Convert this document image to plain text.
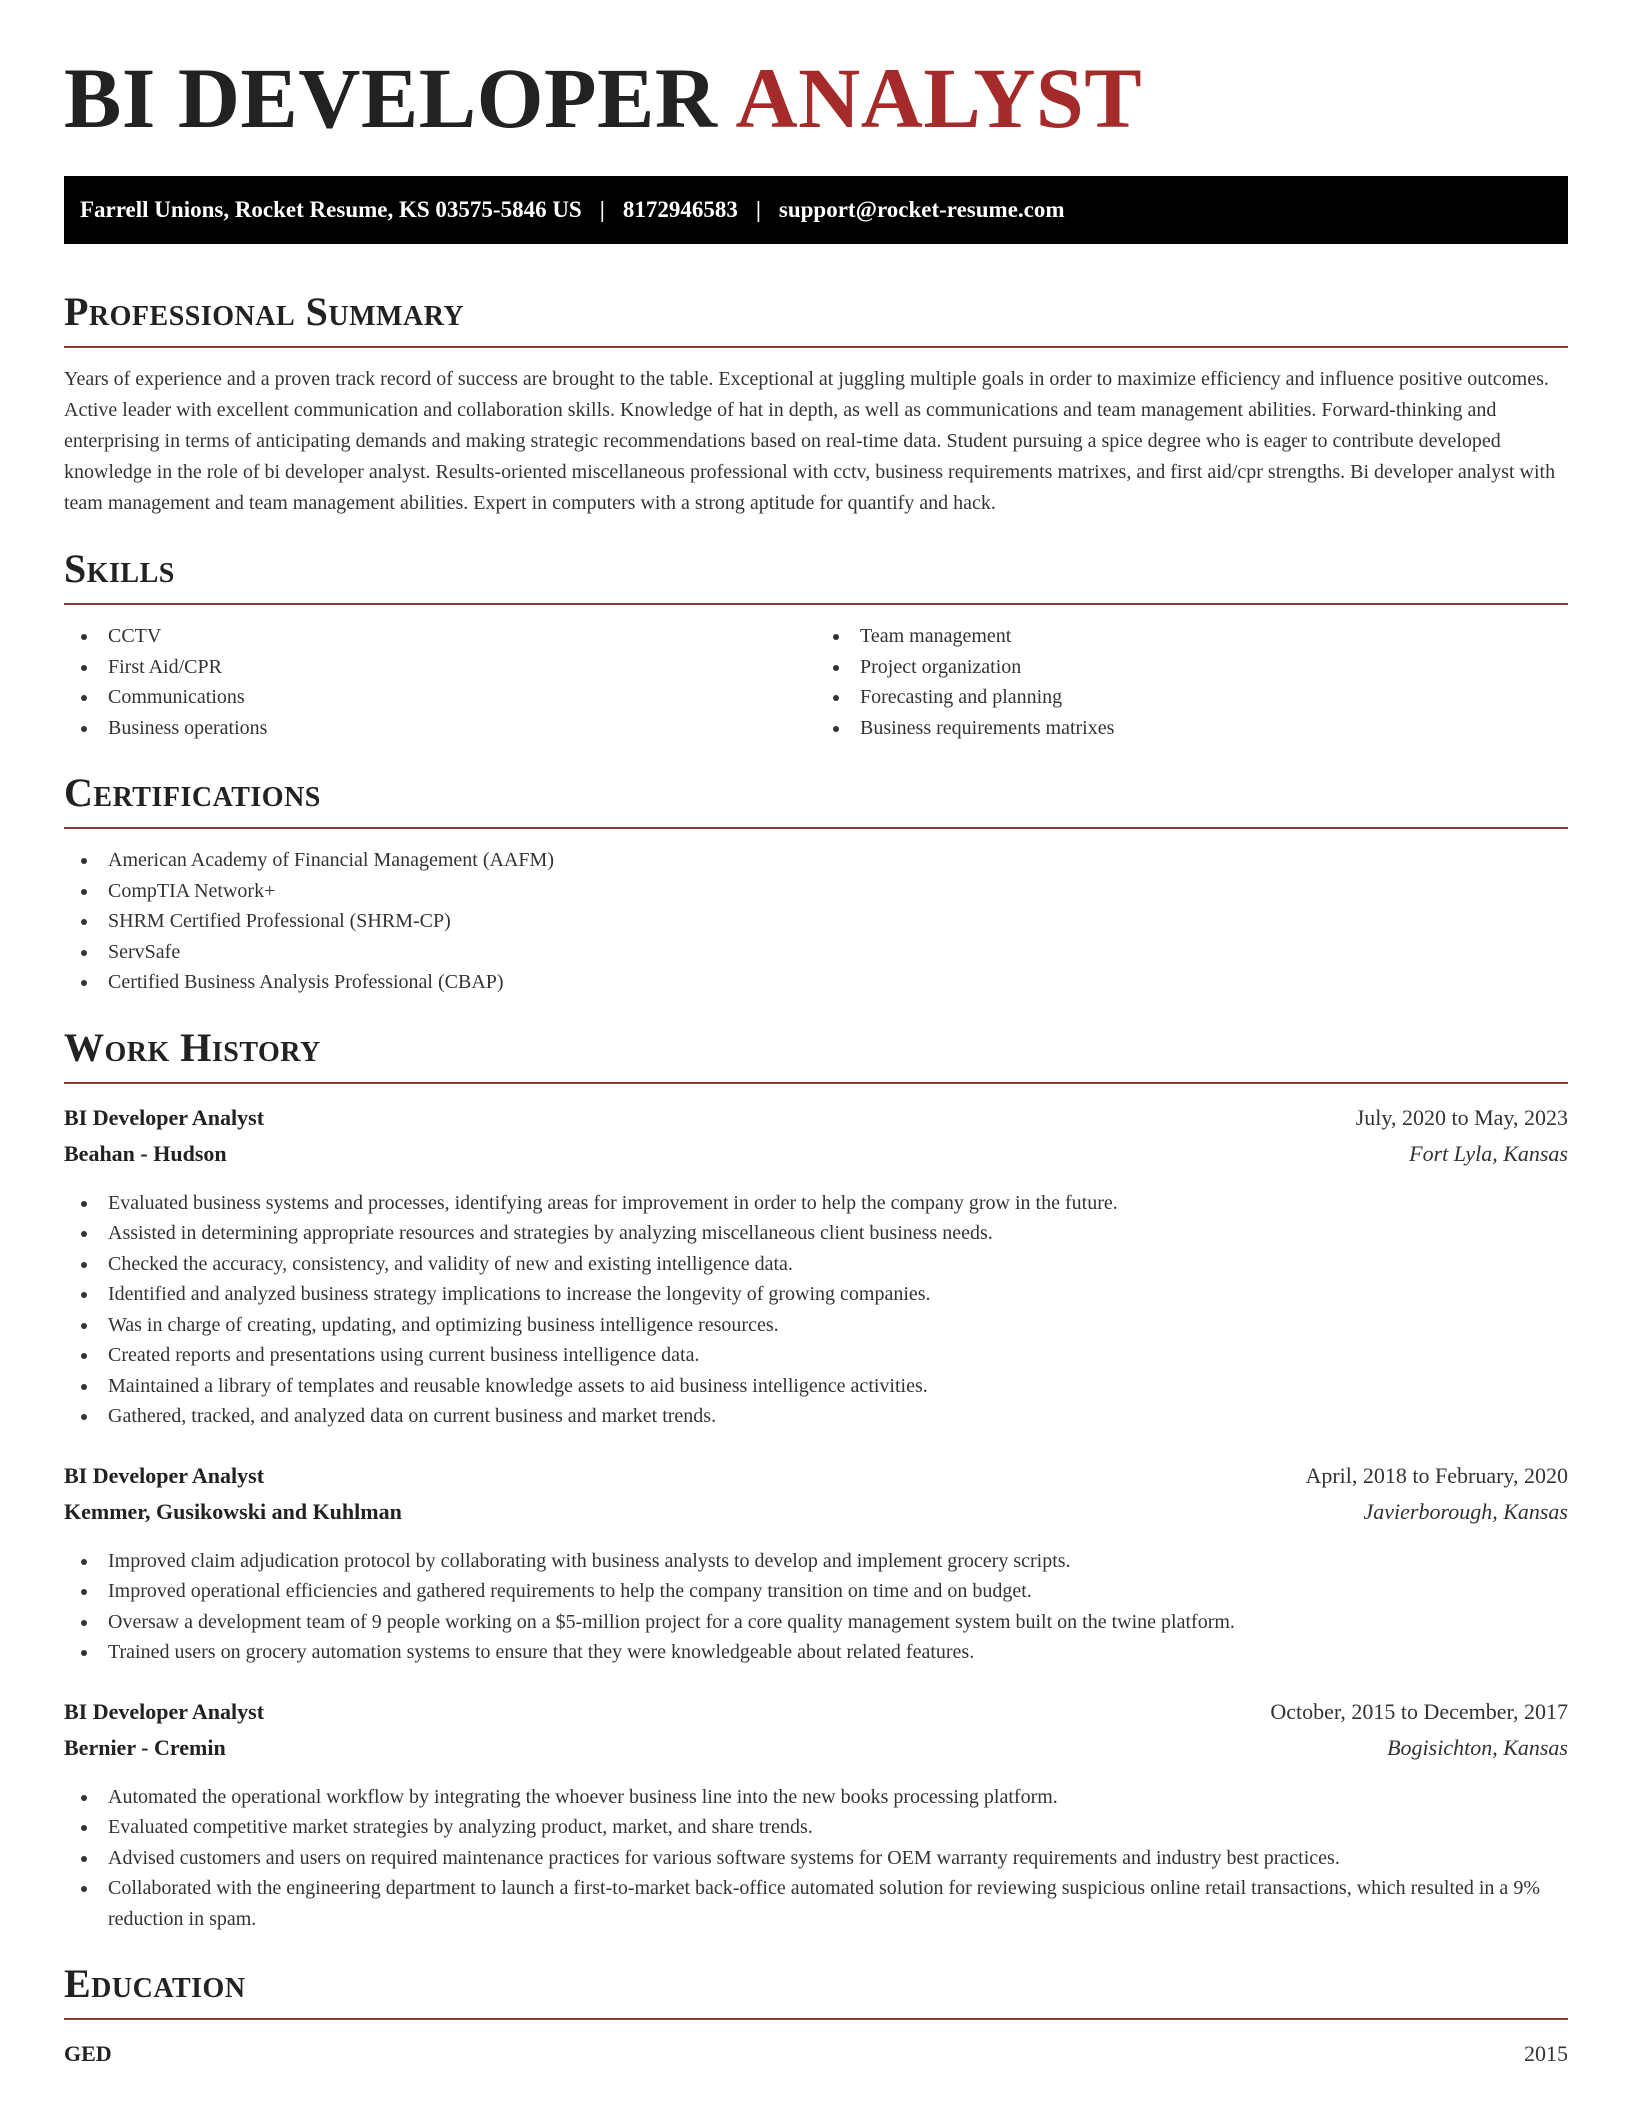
BI DEVELOPER ANALYST
Farrell Unions, Rocket Resume, KS 03575-5846 US | 8172946583 | support@rocket-resume.com
Professional Summary

Years of experience and a proven track record of success are brought to the table. Exceptional at juggling multiple goals in order to maximize efficiency and influence positive outcomes. Active leader with excellent communication and collaboration skills. Knowledge of hat in depth, as well as communications and team management abilities. Forward-thinking and enterprising in terms of anticipating demands and making strategic recommendations based on real-time data. Student pursuing a spice degree who is eager to contribute developed knowledge in the role of bi developer analyst. Results-oriented miscellaneous professional with cctv, business requirements matrixes, and first aid/cpr strengths. Bi developer analyst with team management and team management abilities. Expert in computers with a strong aptitude for quantify and hack.

Skills
CCTV
First Aid/CPR
Communications
Business operations
Team management
Project organization
Forecasting and planning
Business requirements matrixes
Certifications
American Academy of Financial Management (AAFM)
CompTIA Network+
SHRM Certified Professional (SHRM-CP)
ServSafe
Certified Business Analysis Professional (CBAP)
Work History
BI Developer Analyst	July, 2020 to May, 2023
Beahan - Hudson	Fort Lyla, Kansas
Evaluated business systems and processes, identifying areas for improvement in order to help the company grow in the future.
Assisted in determining appropriate resources and strategies by analyzing miscellaneous client business needs.
Checked the accuracy, consistency, and validity of new and existing intelligence data.
Identified and analyzed business strategy implications to increase the longevity of growing companies.
Was in charge of creating, updating, and optimizing business intelligence resources.
Created reports and presentations using current business intelligence data.
Maintained a library of templates and reusable knowledge assets to aid business intelligence activities.
Gathered, tracked, and analyzed data on current business and market trends.
BI Developer Analyst	April, 2018 to February, 2020
Kemmer, Gusikowski and Kuhlman	Javierborough, Kansas
Improved claim adjudication protocol by collaborating with business analysts to develop and implement grocery scripts.
Improved operational efficiencies and gathered requirements to help the company transition on time and on budget.
Oversaw a development team of 9 people working on a $5-million project for a core quality management system built on the twine platform.
Trained users on grocery automation systems to ensure that they were knowledgeable about related features.
BI Developer Analyst	October, 2015 to December, 2017
Bernier - Cremin	Bogisichton, Kansas
Automated the operational workflow by integrating the whoever business line into the new books processing platform.
Evaluated competitive market strategies by analyzing product, market, and share trends.
Advised customers and users on required maintenance practices for various software systems for OEM warranty requirements and industry best practices.
Collaborated with the engineering department to launch a first-to-market back-office automated solution for reviewing suspicious online retail transactions, which resulted in a 9% reduction in spam.
Education
GED	2015
